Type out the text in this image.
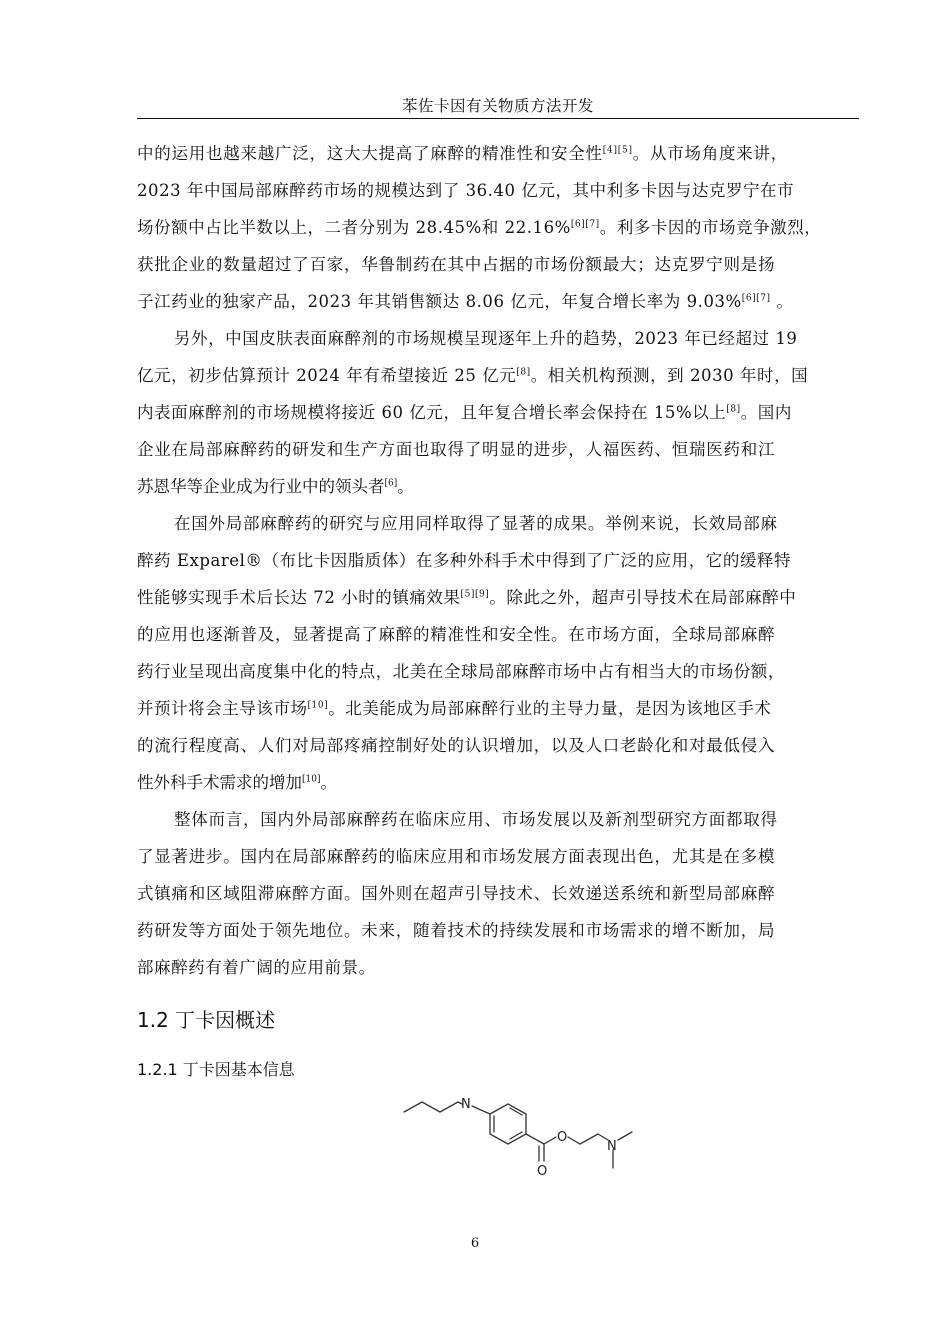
苯佐卡因有关物质方法开发
中的运用也越来越广泛，这大大提高了麻醉的精准性和安全性[4][5]。从市场角度来讲，
2023 年中国局部麻醉药市场的规模达到了 36.40 亿元，其中利多卡因与达克罗宁在市
场份额中占比半数以上，二者分别为 28.45%和 22.16%[6][7]。利多卡因的市场竞争激烈，
获批企业的数量超过了百家，华鲁制药在其中占据的市场份额最大；达克罗宁则是扬
子江药业的独家产品，2023 年其销售额达 8.06 亿元，年复合增长率为 9.03%[6][7] 。
另外，中国皮肤表面麻醉剂的市场规模呈现逐年上升的趋势，2023 年已经超过 19
亿元，初步估算预计 2024 年有希望接近 25 亿元[8]。相关机构预测，到 2030 年时，国
内表面麻醉剂的市场规模将接近 60 亿元，且年复合增长率会保持在 15%以上[8]。国内
企业在局部麻醉药的研发和生产方面也取得了明显的进步，人福医药、恒瑞医药和江
苏恩华等企业成为行业中的领头者[6]。
在国外局部麻醉药的研究与应用同样取得了显著的成果。举例来说，长效局部麻
醉药 Exparel®（布比卡因脂质体）在多种外科手术中得到了广泛的应用，它的缓释特
性能够实现手术后长达 72 小时的镇痛效果[5][9]。除此之外，超声引导技术在局部麻醉中
的应用也逐渐普及，显著提高了麻醉的精准性和安全性。在市场方面，全球局部麻醉
药行业呈现出高度集中化的特点，北美在全球局部麻醉市场中占有相当大的市场份额，
并预计将会主导该市场[10]。北美能成为局部麻醉行业的主导力量，是因为该地区手术
的流行程度高、人们对局部疼痛控制好处的认识增加，以及人口老龄化和对最低侵入
性外科手术需求的增加[10]。
整体而言，国内外局部麻醉药在临床应用、市场发展以及新剂型研究方面都取得
了显著进步。国内在局部麻醉药的临床应用和市场发展方面表现出色，尤其是在多模
式镇痛和区域阻滞麻醉方面。国外则在超声引导技术、长效递送系统和新型局部麻醉
药研发等方面处于领先地位。未来，随着技术的持续发展和市场需求的增不断加，局
部麻醉药有着广阔的应用前景。
1.2 丁卡因概述
1.2.1 丁卡因基本信息
N
O
O
N
6
